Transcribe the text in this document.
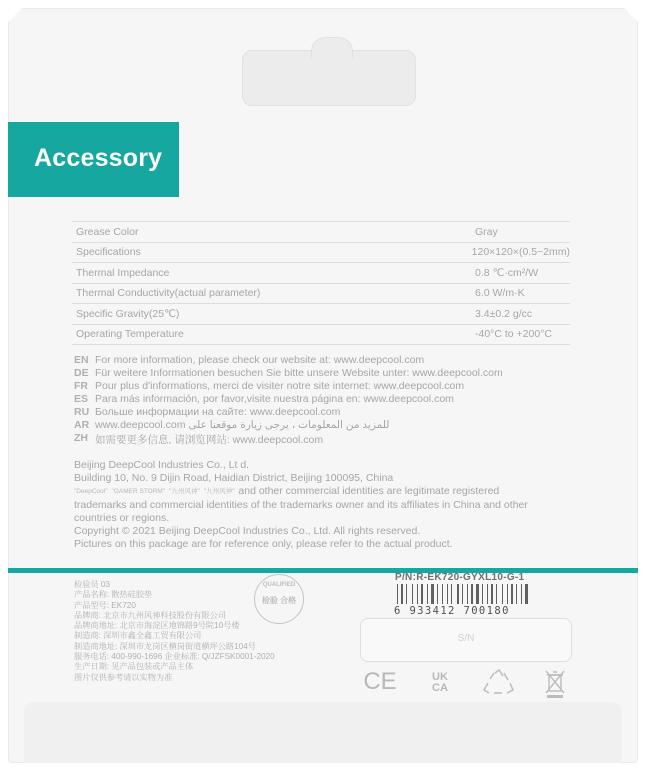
Accessory
Grease Color	Gray
Specifications	120×120×(0.5~2mm)
Thermal Impedance	0.8 ℃·cm²/W
Thermal Conductivity(actual parameter)	6.0 W/m·K
Specific Gravity(25℃)	3.4±0.2 g/cc
Operating Temperature	-40°C to +200°C
EN For more information, please check our website at: www.deepcool.com
DE Für weitere Informationen besuchen Sie bitte unsere Website unter: www.deepcool.com
FR Pour plus d'informations, merci de visiter notre site internet: www.deepcool.com
ES Para más información, por favor,visite nuestra página en: www.deepcool.com
RU Больше информации на сайте: www.deepcool.com
AR www.deepcool.com للمزيد من المعلومات ، يرجى زيارة موقعنا على
ZH 如需要更多信息, 请浏览网站: www.deepcool.com
Beijing DeepCool Industries Co., Lt d.
Building 10, No. 9 Dijin Road, Haidian District, Beijing 100095, China
"DeepCool" "GAMER STORM" "九州风神" "九州风神" and other commercial identities are legitimate registered
trademarks and commercial identities of the trademarks owner and its affiliates in China and other
countries or regions.
Copyright © 2021 Beijing DeepCool Industries Co., Ltd. All rights reserved.
Pictures on this package are for reference only, please refer to the actual product.
检验员 03
产品名称: 散热硅胶垫
产品型号: EK720
品牌商: 北京市九州风神科技股份有限公司
品牌商地址: 北京市海淀区地锦路9号院10号楼
制造商: 深圳市鑫全鑫工贸有限公司
制造商地址: 深圳市龙岗区横岗街道横坪公路104号
服务电话: 400-990-1696 企业标准: Q/JZFSK0001-2020
生产日期: 见产品包装或产品主体
图片仅供参考请以实物为准
QUALIFIED
检验 合格
P/N:R-EK720-GYXL10-G-1
6 933412 700180
S/N
CE	UK CA
